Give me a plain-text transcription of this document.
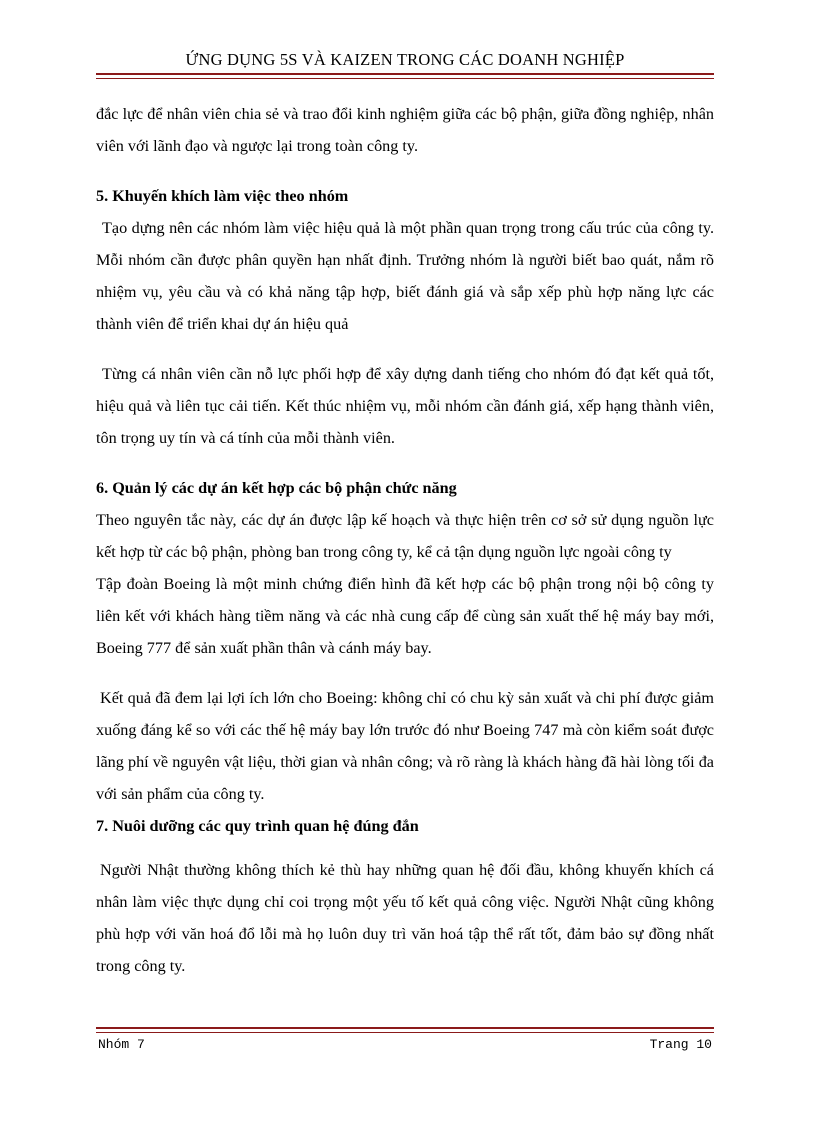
ỨNG DỤNG 5S VÀ KAIZEN TRONG CÁC DOANH NGHIỆP

đắc lực để nhân viên chia sẻ và trao đổi kinh nghiệm giữa các bộ phận, giữa đồng nghiệp, nhân viên với lãnh đạo và ngược lại trong toàn công ty.

5. Khuyến khích làm việc theo nhóm

Tạo dựng nên các nhóm làm việc hiệu quả là một phần quan trọng trong cấu trúc của công ty. Mỗi nhóm cần được phân quyền hạn nhất định. Trưởng nhóm là người biết bao quát, nắm rõ nhiệm vụ, yêu cầu và có khả năng tập hợp, biết đánh giá và sắp xếp phù hợp năng lực các thành viên để triển khai dự án hiệu quả

Từng cá nhân viên cần nỗ lực phối hợp để xây dựng danh tiếng cho nhóm đó đạt kết quả tốt, hiệu quả và liên tục cải tiến. Kết thúc nhiệm vụ, mỗi nhóm cần đánh giá, xếp hạng thành viên, tôn trọng uy tín và cá tính của mỗi thành viên.

6. Quản lý các dự án kết hợp các bộ phận chức năng

Theo nguyên tắc này, các dự án được lập kế hoạch và thực hiện trên cơ sở sử dụng nguồn lực kết hợp từ các bộ phận, phòng ban trong công ty, kể cả tận dụng nguồn lực ngoài công ty

Tập đoàn Boeing là một minh chứng điển hình đã kết hợp các bộ phận trong nội bộ công ty liên kết với khách hàng tiềm năng và các nhà cung cấp để cùng sản xuất thế hệ máy bay mới, Boeing 777 để sản xuất phần thân và cánh máy bay.

Kết quả đã đem lại lợi ích lớn cho Boeing: không chỉ có chu kỳ sản xuất và chi phí được giảm xuống đáng kể so với các thế hệ máy bay lớn trước đó như Boeing 747 mà còn kiểm soát được lãng phí về nguyên vật liệu, thời gian và nhân công; và rõ ràng là khách hàng đã hài lòng tối đa với sản phẩm của công ty.

7. Nuôi dưỡng các quy trình quan hệ đúng đắn

Người Nhật thường không thích kẻ thù hay những quan hệ đối đầu, không khuyến khích cá nhân làm việc thực dụng chỉ coi trọng một yếu tố kết quả công việc. Người Nhật cũng không phù hợp với văn hoá đổ lỗi mà họ luôn duy trì văn hoá tập thể rất tốt, đảm bảo sự đồng nhất trong công ty.

Nhóm 7	Trang 10
